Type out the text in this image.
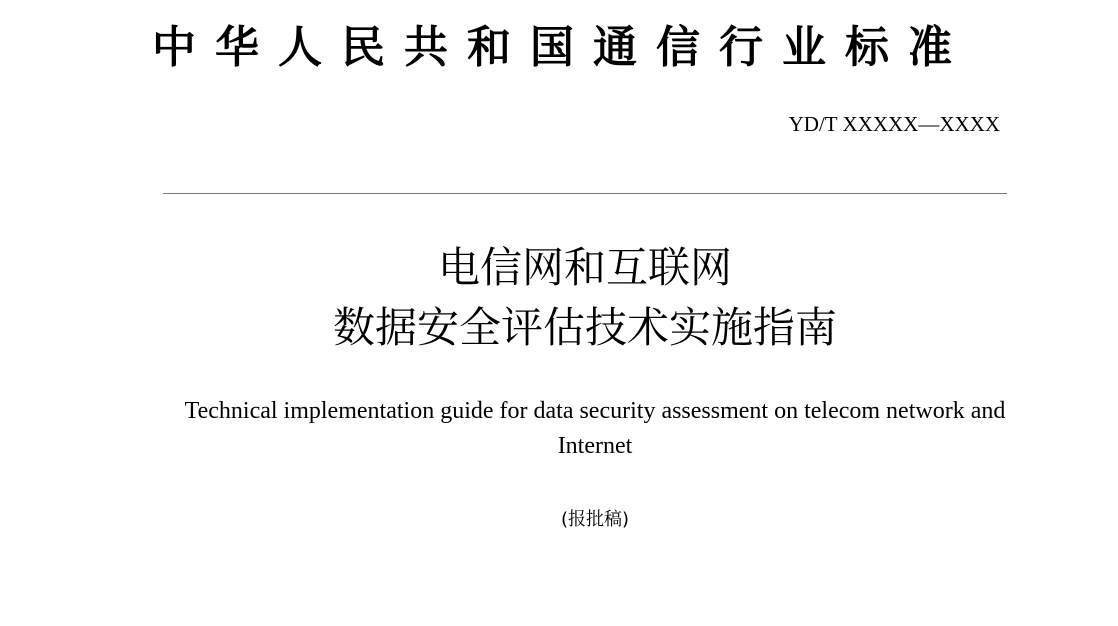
中华人民共和国通信行业标准
YD/T XXXXX—XXXX
电信网和互联网
数据安全评估技术实施指南

Technical implementation guide for data security assessment on telecom network and Internet

(报批稿)
